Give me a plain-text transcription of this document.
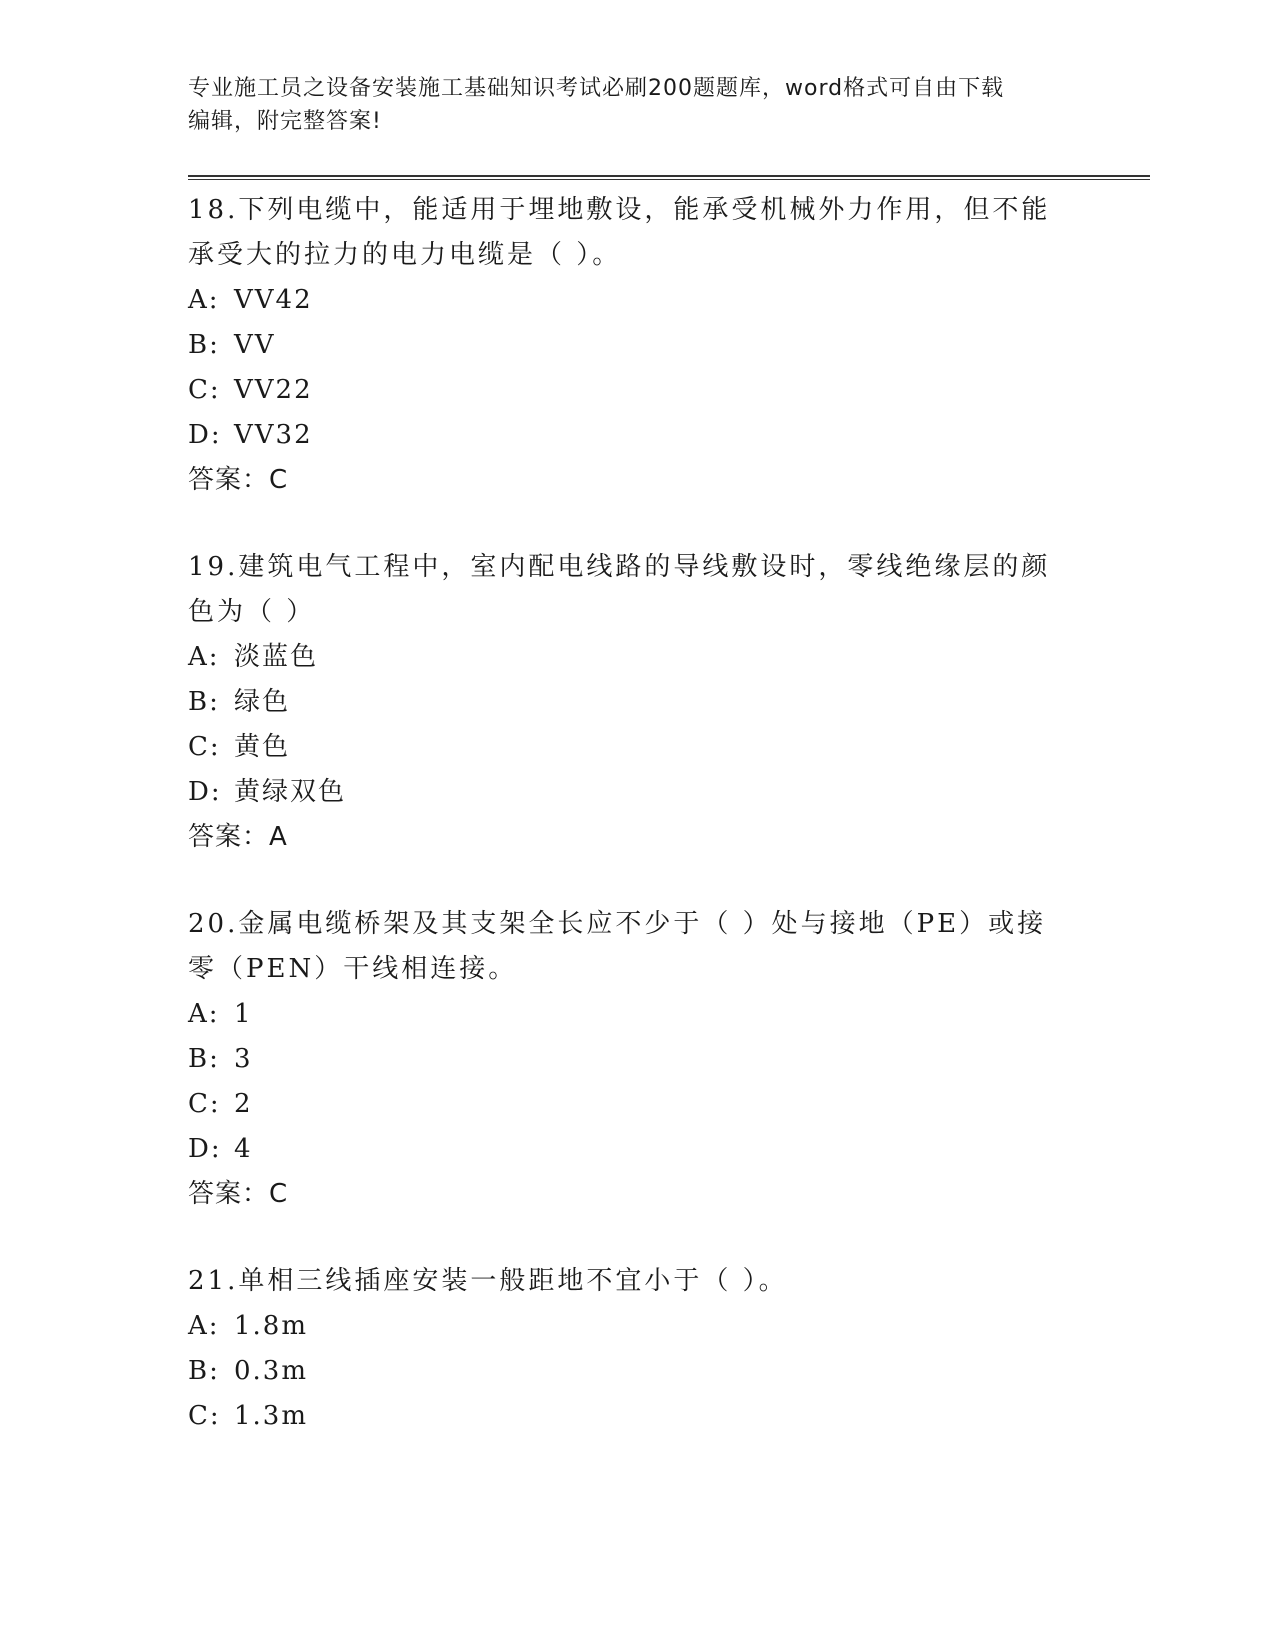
专业施工员之设备安装施工基础知识考试必刷200题题库，word格式可自由下载
编辑，附完整答案!
18.下列电缆中，能适用于埋地敷设，能承受机械外力作用，但不能承受大的拉力的电力电缆是（ ）。
A: VV42
B: VV
C: VV22
D: VV32
答案：C
19.建筑电气工程中，室内配电线路的导线敷设时，零线绝缘层的颜色为（ ）
A: 淡蓝色
B: 绿色
C: 黄色
D: 黄绿双色
答案：A
20.金属电缆桥架及其支架全长应不少于（ ）处与接地（PE）或接零（PEN）干线相连接。
A: 1
B: 3
C: 2
D: 4
答案：C
21.单相三线插座安装一般距地不宜小于（ ）。
A: 1.8m
B: 0.3m
C: 1.3m
